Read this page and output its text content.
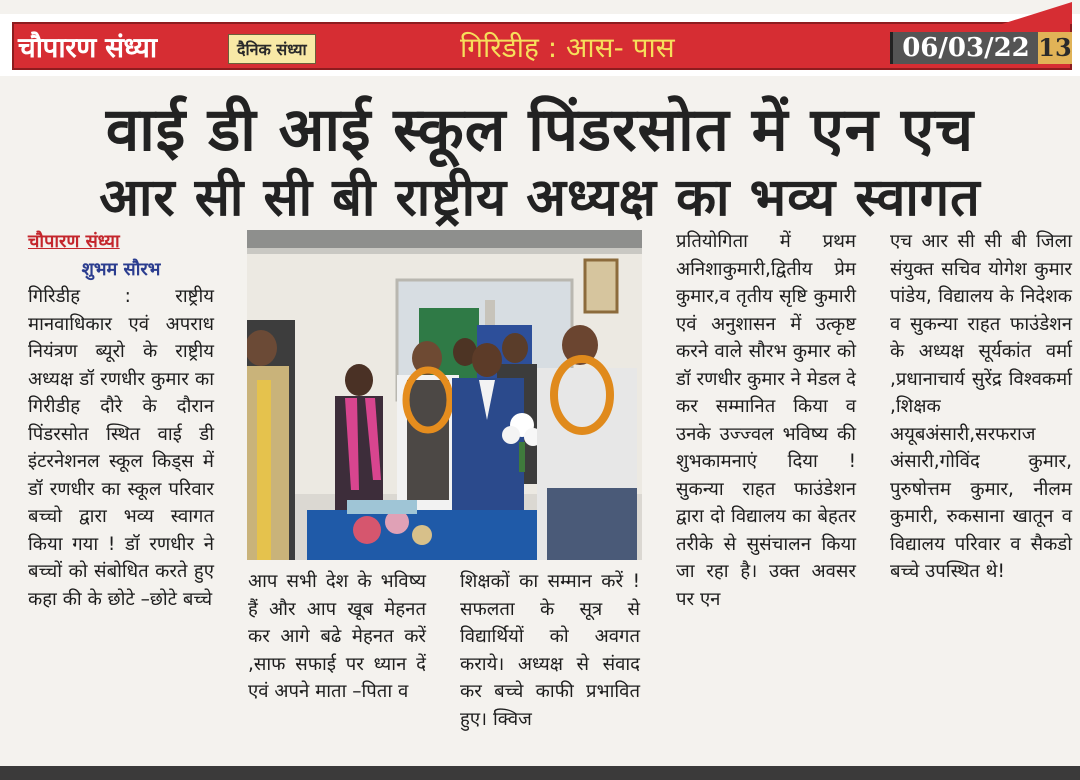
चौपारण संध्या	दैनिक संध्या	गिरिडीह : आस- पास	06/03/22 13
वाई डी आई स्कूल पिंडरसोत में एन एच
आर सी सी बी राष्ट्रीय अध्यक्ष का भव्य स्वागत
चौपारण संध्या
शुभम सौरभ

गिरिडीह : राष्ट्रीय मानवाधिकार एवं अपराध नियंत्रण ब्यूरो के राष्ट्रीय अध्यक्ष डॉ रणधीर कुमार का गिरीडीह दौरे के दौरान पिंडरसोत स्थित वाई डी इंटरनेशनल स्कूल किड्स में डॉ रणधीर का स्कूल परिवार बच्चो द्वारा भव्य स्वागत किया गया ! डॉ रणधीर ने बच्चों को संबोधित करते हुए कहा की के छोटे –छोटे बच्चे

आप सभी देश के भविष्य हैं और आप खूब मेहनत कर आगे बढे मेहनत करें ,साफ सफाई पर ध्यान दें एवं अपने माता –पिता व

शिक्षकों का सम्मान करें ! सफलता के सूत्र से विद्यार्थियों को अवगत कराये। अध्यक्ष से संवाद कर बच्चे काफी प्रभावित हुए। क्विज

प्रतियोगिता में प्रथम अनिशाकुमारी,द्वितीय प्रेम कुमार,व तृतीय सृष्टि कुमारी एवं अनुशासन में उत्कृष्ट करने वाले सौरभ कुमार को डॉ रणधीर कुमार ने मेडल दे कर सम्मानित किया व उनके उज्ज्वल भविष्य की शुभकामनाएं दिया ! सुकन्या राहत फाउंडेशन द्वारा दो विद्यालय का बेहतर तरीके से सुसंचालन किया जा रहा है। उक्त अवसर पर एन

एच आर सी सी बी जिला संयुक्त सचिव योगेश कुमार पांडेय, विद्यालय के निदेशक व सुकन्या राहत फाउंडेशन के अध्यक्ष सूर्यकांत वर्मा ,प्रधानाचार्य सुरेंद्र विश्वकर्मा ,शिक्षक अयूबअंसारी,सरफराज अंसारी,गोविंद कुमार, पुरुषोत्तम कुमार, नीलम कुमारी, रुकसाना खातून व विद्यालय परिवार व सैकडो बच्चे उपस्थित थे!
